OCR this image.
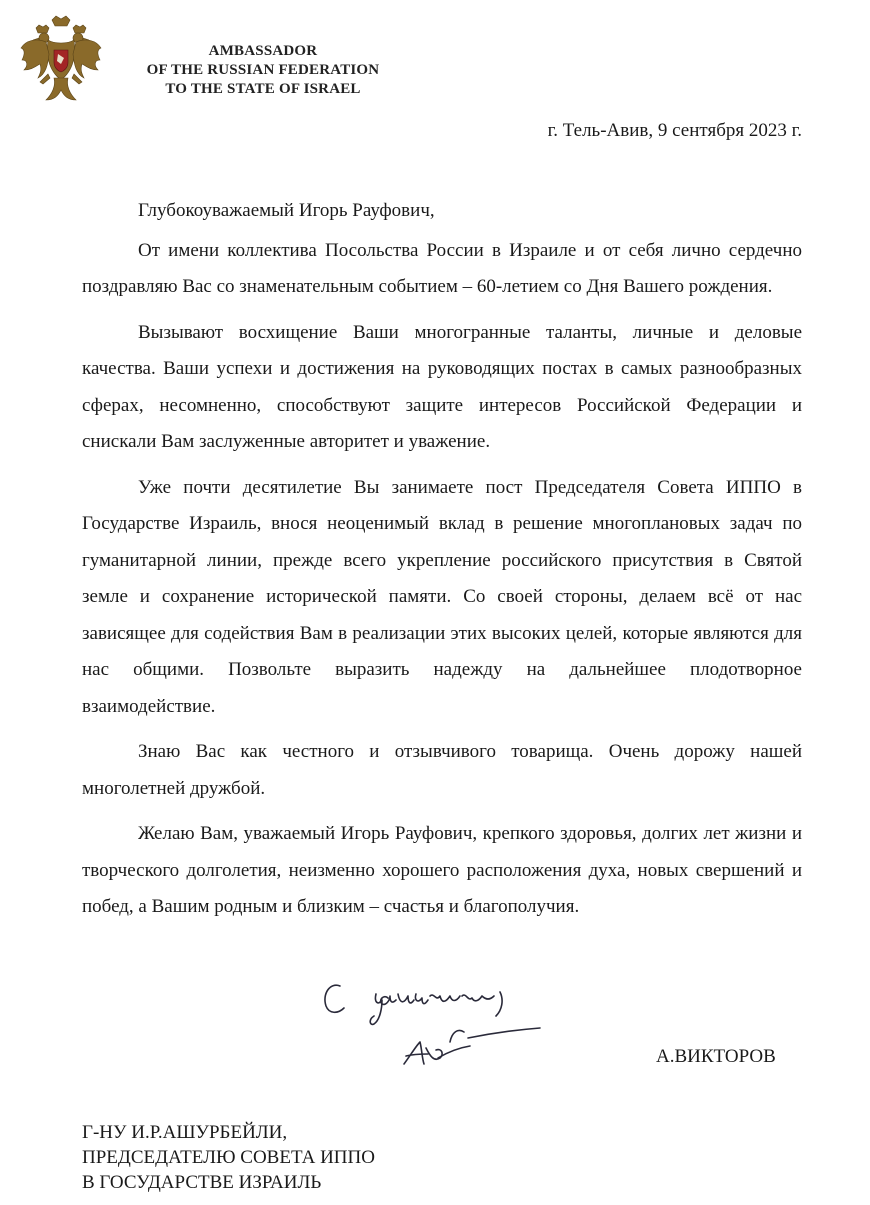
AMBASSADOR
OF THE RUSSIAN FEDERATION
TO THE STATE OF ISRAEL
г. Тель-Авив, 9 сентября 2023 г.

Глубокоуважаемый Игорь Рауфович,

От имени коллектива Посольства России в Израиле и от себя лично сердечно поздравляю Вас со знаменательным событием – 60-летием со Дня Вашего рождения.

Вызывают восхищение Ваши многогранные таланты, личные и деловые качества. Ваши успехи и достижения на руководящих постах в самых разнообразных сферах, несомненно, способствуют защите интересов Российской Федерации и снискали Вам заслуженные авторитет и уважение.

Уже почти десятилетие Вы занимаете пост Председателя Совета ИППО в Государстве Израиль, внося неоценимый вклад в решение многоплановых задач по гуманитарной линии, прежде всего укрепление российского присутствия в Святой земле и сохранение исторической памяти. Со своей стороны, делаем всё от нас зависящее для содействия Вам в реализации этих высоких целей, которые являются для нас общими. Позвольте выразить надежду на дальнейшее плодотворное взаимодействие.

Знаю Вас как честного и отзывчивого товарища. Очень дорожу нашей многолетней дружбой.

Желаю Вам, уважаемый Игорь Рауфович, крепкого здоровья, долгих лет жизни и творческого долголетия, неизменно хорошего расположения духа, новых свершений и побед, а Вашим родным и близким – счастья и благополучия.

А.ВИКТОРОВ
Г-НУ И.Р.АШУРБЕЙЛИ,
ПРЕДСЕДАТЕЛЮ СОВЕТА ИППО
В ГОСУДАРСТВЕ ИЗРАИЛЬ
